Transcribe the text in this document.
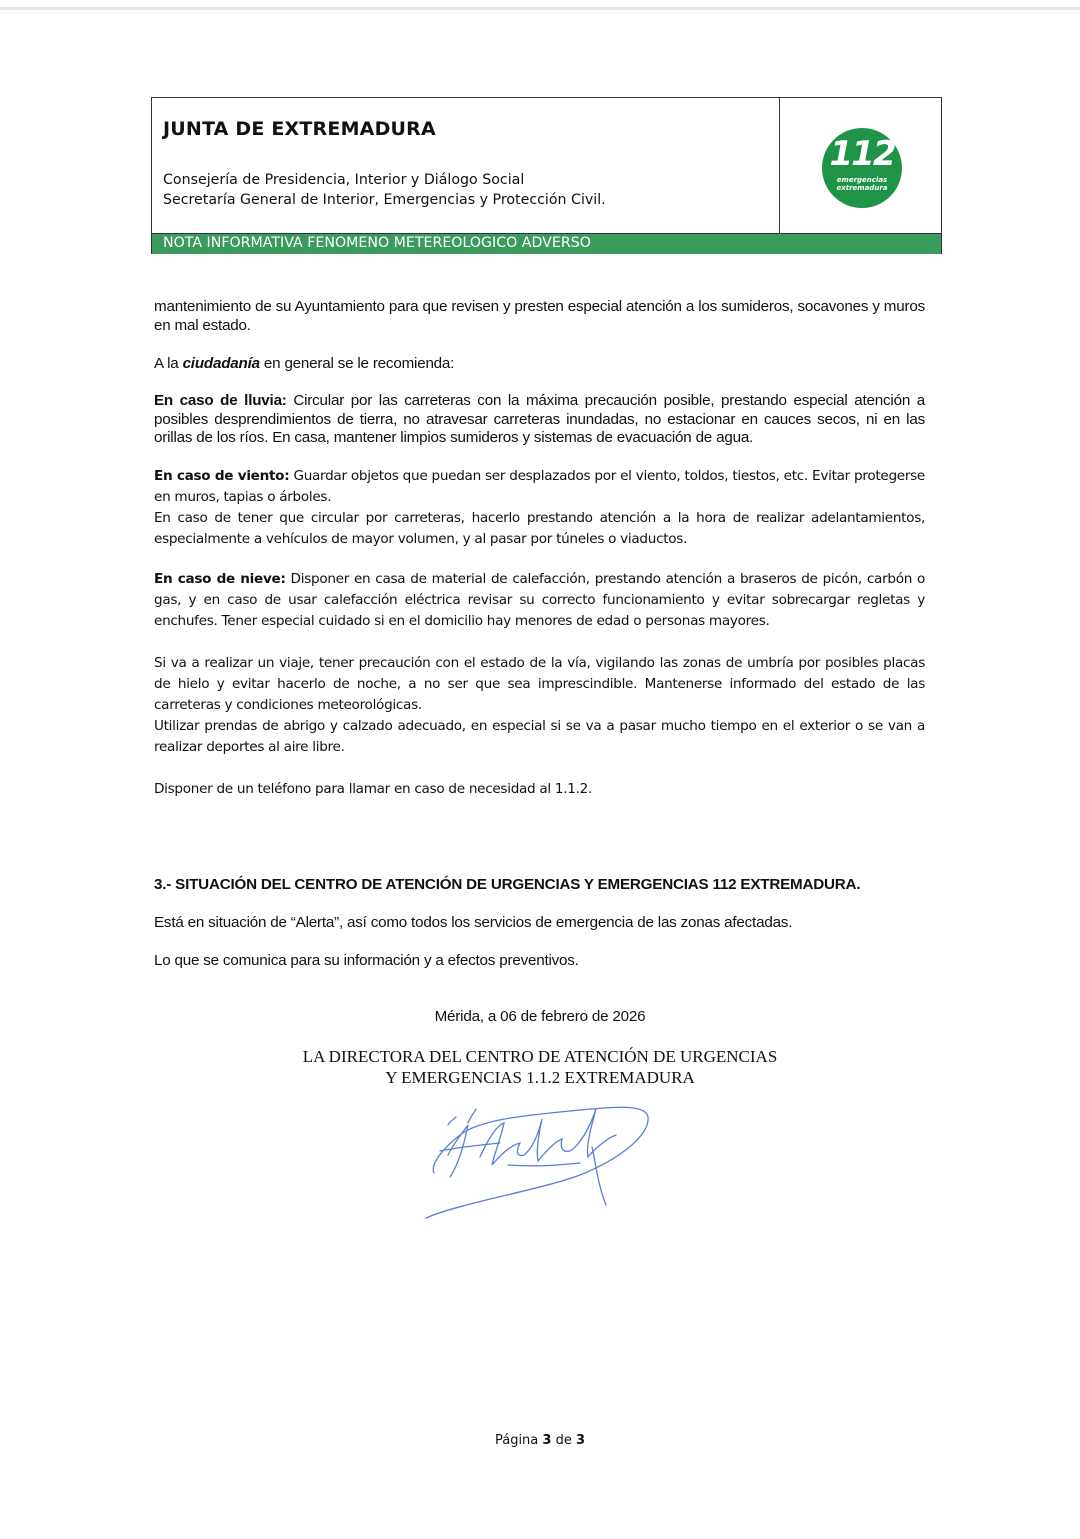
JUNTA DE EXTREMADURA
Consejería de Presidencia, Interior y Diálogo Social
Secretaría General de Interior, Emergencias y Protección Civil.
112
emergencias
extremadura
NOTA INFORMATIVA FENOMENO METEREOLOGICO ADVERSO

mantenimiento de su Ayuntamiento para que revisen y presten especial atención a los sumideros, socavones y muros en mal estado.

A la ciudadanía en general se le recomienda:

En caso de lluvia: Circular por las carreteras con la máxima precaución posible, prestando especial atención a posibles desprendimientos de tierra, no atravesar carreteras inundadas, no estacionar en cauces secos, ni en las orillas de los ríos. En casa, mantener limpios sumideros y sistemas de evacuación de agua.

En caso de viento: Guardar objetos que puedan ser desplazados por el viento, toldos, tiestos, etc. Evitar protegerse en muros, tapias o árboles.

En caso de tener que circular por carreteras, hacerlo prestando atención a la hora de realizar adelantamientos, especialmente a vehículos de mayor volumen, y al pasar por túneles o viaductos.

En caso de nieve: Disponer en casa de material de calefacción, prestando atención a braseros de picón, carbón o gas, y en caso de usar calefacción eléctrica revisar su correcto funcionamiento y evitar sobrecargar regletas y enchufes. Tener especial cuidado si en el domicilio hay menores de edad o personas mayores.

Si va a realizar un viaje, tener precaución con el estado de la vía, vigilando las zonas de umbría por posibles placas de hielo y evitar hacerlo de noche, a no ser que sea imprescindible. Mantenerse informado del estado de las carreteras y condiciones meteorológicas.

Utilizar prendas de abrigo y calzado adecuado, en especial si se va a pasar mucho tiempo en el exterior o se van a realizar deportes al aire libre.

Disponer de un teléfono para llamar en caso de necesidad al 1.1.2.

3.- SITUACIÓN DEL CENTRO DE ATENCIÓN DE URGENCIAS Y EMERGENCIAS 112 EXTREMADURA.

Está en situación de “Alerta”, así como todos los servicios de emergencia de las zonas afectadas.

Lo que se comunica para su información y a efectos preventivos.

Mérida, a 06 de febrero de 2026

LA DIRECTORA DEL CENTRO DE ATENCIÓN DE URGENCIAS
Y EMERGENCIAS 1.1.2 EXTREMADURA
Página 3 de 3
